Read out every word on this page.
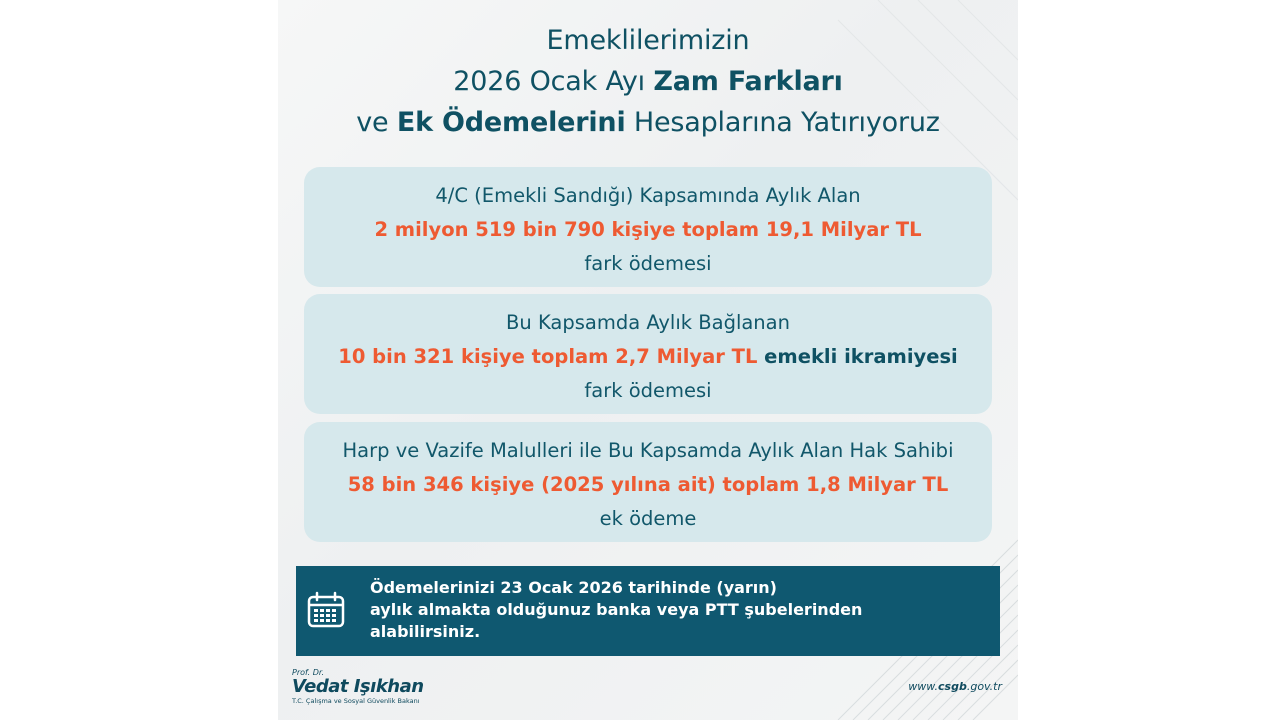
Emeklilerimizin
2026 Ocak Ayı Zam Farkları
ve Ek Ödemelerini Hesaplarına Yatırıyoruz
4/C (Emekli Sandığı) Kapsamında Aylık Alan
2 milyon 519 bin 790 kişiye toplam 19,1 Milyar TL
fark ödemesi
Bu Kapsamda Aylık Bağlanan
10 bin 321 kişiye toplam 2,7 Milyar TL emekli ikramiyesi
fark ödemesi
Harp ve Vazife Malulleri ile Bu Kapsamda Aylık Alan Hak Sahibi
58 bin 346 kişiye (2025 yılına ait) toplam 1,8 Milyar TL
ek ödeme
Ödemelerinizi 23 Ocak 2026 tarihinde (yarın)
aylık almakta olduğunuz banka veya PTT şubelerinden
alabilirsiniz.
Prof. Dr.
Vedat Işıkhan
T.C. Çalışma ve Sosyal Güvenlik Bakanı
www.csgb.gov.tr
